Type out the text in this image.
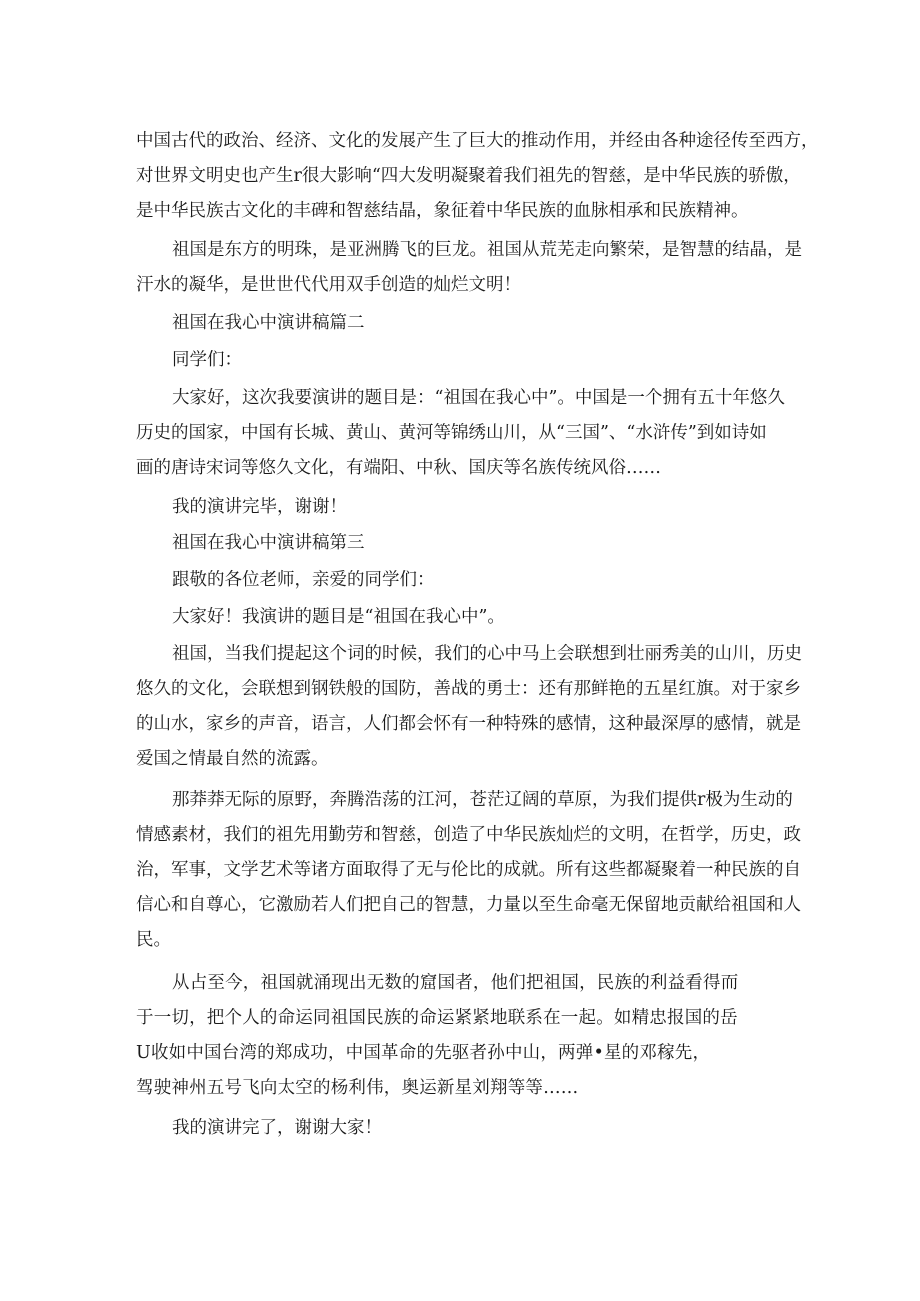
中国古代的政治、经济、文化的发展产生了巨大的推动作用，并经由各种途径传至西方，
对世界文明史也产生r很大影响“四大发明凝聚着我们祖先的智慈，是中华民族的骄傲，
是中华民族古文化的丰碑和智慈结晶，象征着中华民族的血脉相承和民族精神。
祖国是东方的明珠，是亚洲腾飞的巨龙。祖国从荒芜走向繁荣，是智慧的结晶，是
汗水的凝华，是世世代代用双手创造的灿烂文明！
祖国在我心中演讲稿篇二
同学们：
大家好，这次我要演讲的题目是：“祖国在我心中”。中国是一个拥有五十年悠久
历史的国家，中国有长城、黄山、黄河等锦绣山川，从“三国”、“水浒传”到如诗如
画的唐诗宋词等悠久文化，有端阳、中秋、国庆等名族传统风俗……
我的演讲完毕，谢谢！
祖国在我心中演讲稿第三
跟敬的各位老师，亲爱的同学们：
大家好！我演讲的题目是“祖国在我心中”。
祖国，当我们提起这个词的时候，我们的心中马上会联想到壮丽秀美的山川，历史
悠久的文化，会联想到钢铁般的国防，善战的勇士：还有那鲜艳的五星红旗。对于家乡
的山水，家乡的声音，语言，人们都会怀有一种特殊的感情，这种最深厚的感情，就是
爱国之情最自然的流露。
那莽莽无际的原野，奔腾浩荡的江河，苍茫辽阔的草原，为我们提供r极为生动的
情感素材，我们的祖先用勤劳和智慈，创造了中华民族灿烂的文明，在哲学，历史，政
治，军事，文学艺术等诸方面取得了无与伦比的成就。所有这些都凝聚着一种民族的自
信心和自尊心，它激励若人们把自己的智慧，力量以至生命毫无保留地贡献给祖国和人
民。
从占至今，祖国就涌现出无数的窟国者，他们把祖国，民族的利益看得而
于一切，把个人的命运同祖国民族的命运紧紧地联系在一起。如精忠报国的岳
U收如中国台湾的郑成功，中国革命的先驱者孙中山，两弹•星的邓稼先，
驾驶神州五号飞向太空的杨利伟，奥运新星刘翔等等……
我的演讲完了，谢谢大家！
